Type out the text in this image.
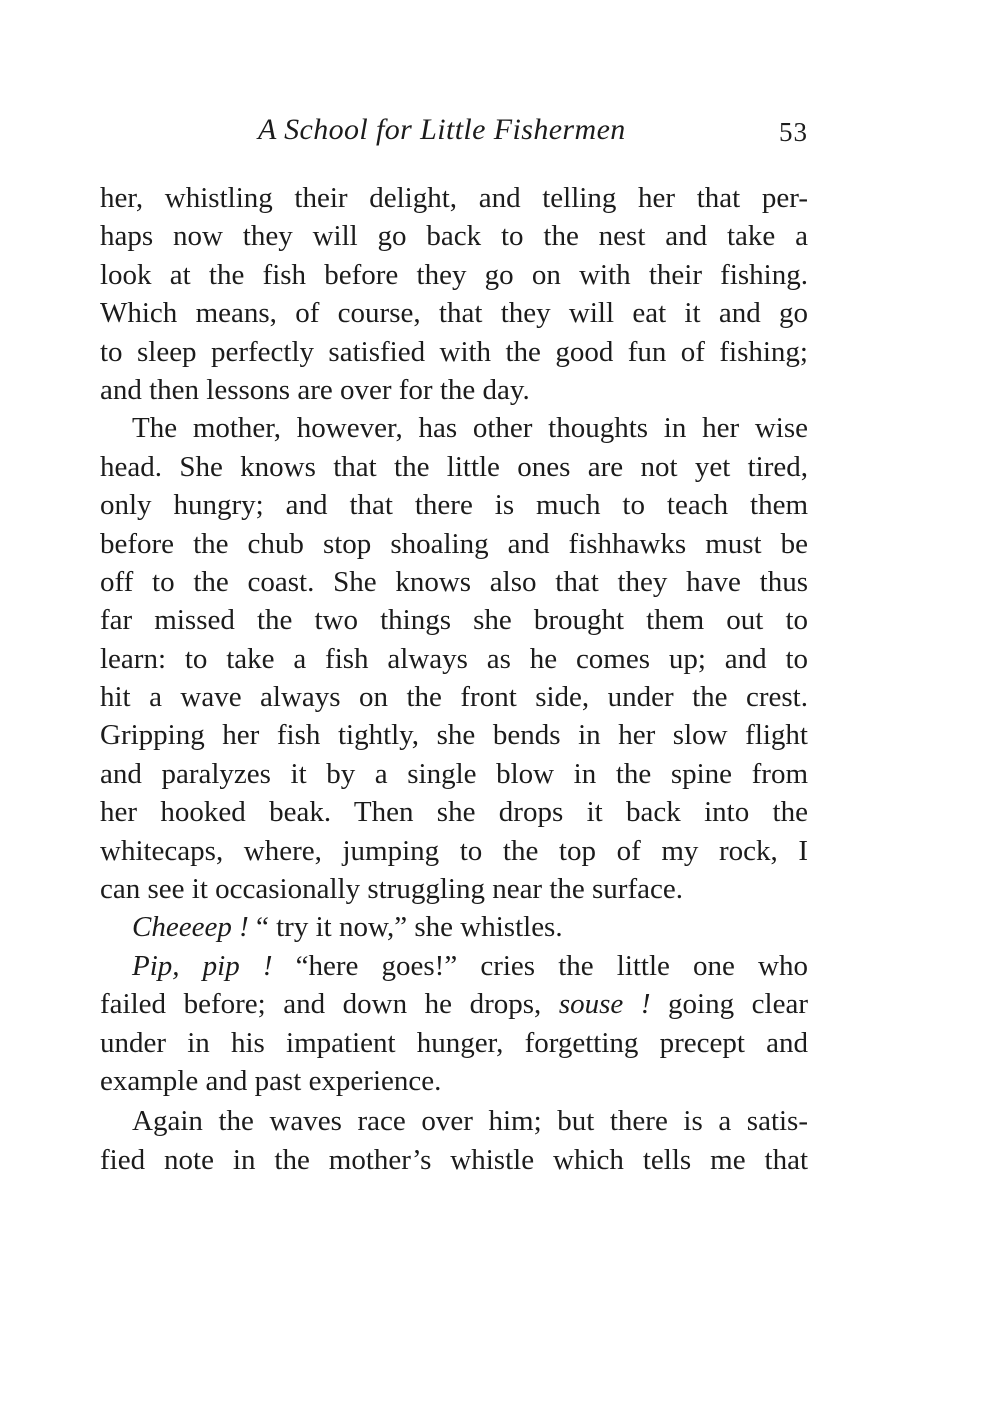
A School for Little Fishermen	53
her, whistling their delight, and telling her that per-
haps now they will go back to the nest and take a
look at the fish before they go on with their fishing.
Which means, of course, that they will eat it and go
to sleep perfectly satisfied with the good fun of fishing;
and then lessons are over for the day.
The mother, however, has other thoughts in her wise
head. She knows that the little ones are not yet tired,
only hungry; and that there is much to teach them
before the chub stop shoaling and fishhawks must be
off to the coast. She knows also that they have thus
far missed the two things she brought them out to
learn: to take a fish always as he comes up; and to
hit a wave always on the front side, under the crest.
Gripping her fish tightly, she bends in her slow flight
and paralyzes it by a single blow in the spine from
her hooked beak. Then she drops it back into the
whitecaps, where, jumping to the top of my rock, I
can see it occasionally struggling near the surface.
Cheeeep ! “ try it now,” she whistles.
Pip, pip ! “here goes!” cries the little one who
failed before; and down he drops, souse ! going clear
under in his impatient hunger, forgetting precept and
example and past experience.
Again the waves race over him; but there is a satis-
fied note in the mother’s whistle which tells me that
